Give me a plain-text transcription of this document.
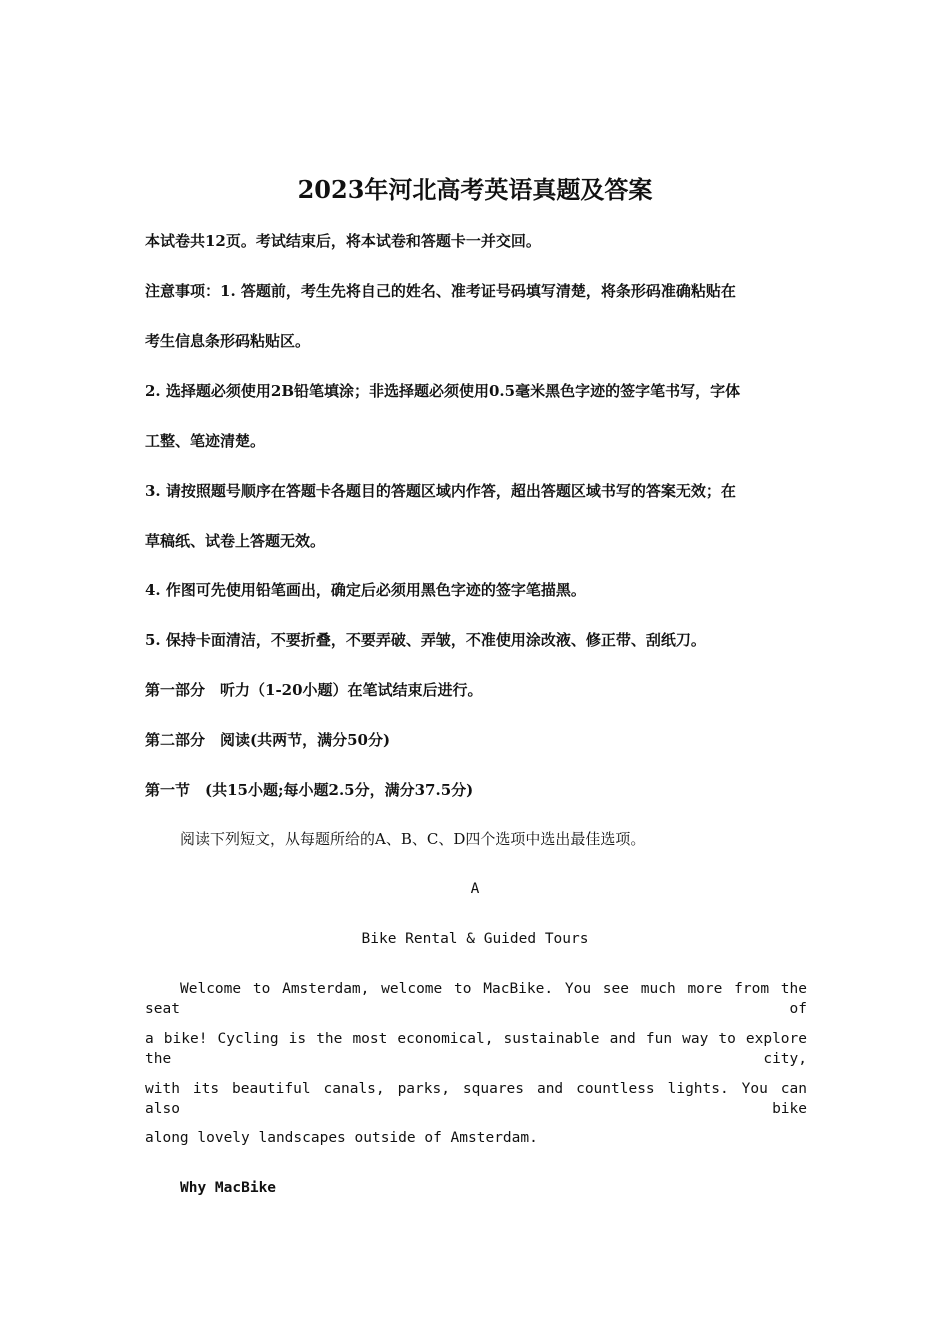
2023年河北高考英语真题及答案
本试卷共12页。考试结束后，将本试卷和答题卡一并交回。
注意事项：1. 答题前，考生先将自己的姓名、准考证号码填写清楚，将条形码准确粘贴在
考生信息条形码粘贴区。
2. 选择题必须使用2B铅笔填涂；非选择题必须使用0.5毫米黑色字迹的签字笔书写，字体
工整、笔迹清楚。
3. 请按照题号顺序在答题卡各题目的答题区域内作答，超出答题区域书写的答案无效；在
草稿纸、试卷上答题无效。
4. 作图可先使用铅笔画出，确定后必须用黑色字迹的签字笔描黑。
5. 保持卡面清洁，不要折叠，不要弄破、弄皱，不准使用涂改液、修正带、刮纸刀。
第一部分　听力（1-20小题）在笔试结束后进行。
第二部分　阅读(共两节，满分50分)
第一节　(共15小题;每小题2.5分，满分37.5分)
阅读下列短文，从每题所给的A、B、C、D四个选项中选出最佳选项。
A
Bike Rental & Guided Tours
Welcome to Amsterdam, welcome to MacBike. You see much more from the seat of
a bike! Cycling is the most economical, sustainable and fun way to explore the city,
with its beautiful canals, parks, squares and countless lights. You can also bike
along lovely landscapes outside of Amsterdam.
Why MacBike
